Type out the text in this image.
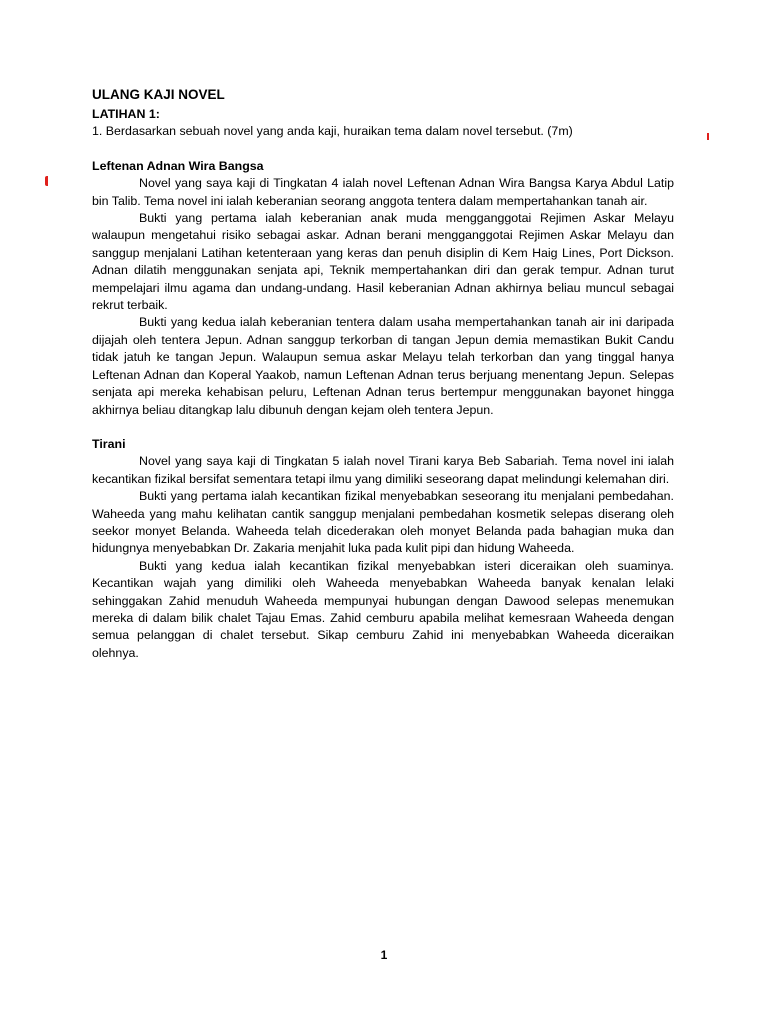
ULANG KAJI NOVEL

LATIHAN 1:

1. Berdasarkan sebuah novel yang anda kaji, huraikan tema dalam novel tersebut. (7m)

Leftenan Adnan Wira Bangsa

Novel yang saya kaji di Tingkatan 4 ialah novel Leftenan Adnan Wira Bangsa Karya Abdul Latip bin Talib. Tema novel ini ialah keberanian seorang anggota tentera dalam mempertahankan tanah air.

Bukti yang pertama ialah keberanian anak muda mengganggotai Rejimen Askar Melayu walaupun mengetahui risiko sebagai askar. Adnan berani mengganggotai Rejimen Askar Melayu dan sanggup menjalani Latihan ketenteraan yang keras dan penuh disiplin di Kem Haig Lines, Port Dickson. Adnan dilatih menggunakan senjata api, Teknik mempertahankan diri dan gerak tempur. Adnan turut mempelajari ilmu agama dan undang-undang. Hasil keberanian Adnan akhirnya beliau muncul sebagai rekrut terbaik.

Bukti yang kedua ialah keberanian tentera dalam usaha mempertahankan tanah air ini daripada dijajah oleh tentera Jepun. Adnan sanggup terkorban di tangan Jepun demia memastikan Bukit Candu tidak jatuh ke tangan Jepun. Walaupun semua askar Melayu telah terkorban dan yang tinggal hanya Leftenan Adnan dan Koperal Yaakob, namun Leftenan Adnan terus berjuang menentang Jepun. Selepas senjata api mereka kehabisan peluru, Leftenan Adnan terus bertempur menggunakan bayonet hingga akhirnya beliau ditangkap lalu dibunuh dengan kejam oleh tentera Jepun.

Tirani

Novel yang saya kaji di Tingkatan 5 ialah novel Tirani karya Beb Sabariah. Tema novel ini ialah kecantikan fizikal bersifat sementara tetapi ilmu yang dimiliki seseorang dapat melindungi kelemahan diri.

Bukti yang pertama ialah kecantikan fizikal menyebabkan seseorang itu menjalani pembedahan. Waheeda yang mahu kelihatan cantik sanggup menjalani pembedahan kosmetik selepas diserang oleh seekor monyet Belanda. Waheeda telah dicederakan oleh monyet Belanda pada bahagian muka dan hidungnya menyebabkan Dr. Zakaria menjahit luka pada kulit pipi dan hidung Waheeda.

Bukti yang kedua ialah kecantikan fizikal menyebabkan isteri diceraikan oleh suaminya. Kecantikan wajah yang dimiliki oleh Waheeda menyebabkan Waheeda banyak kenalan lelaki sehinggakan Zahid menuduh Waheeda mempunyai hubungan dengan Dawood selepas menemukan mereka di dalam bilik chalet Tajau Emas. Zahid cemburu apabila melihat kemesraan Waheeda dengan semua pelanggan di chalet tersebut. Sikap cemburu Zahid ini menyebabkan Waheeda diceraikan olehnya.

1
